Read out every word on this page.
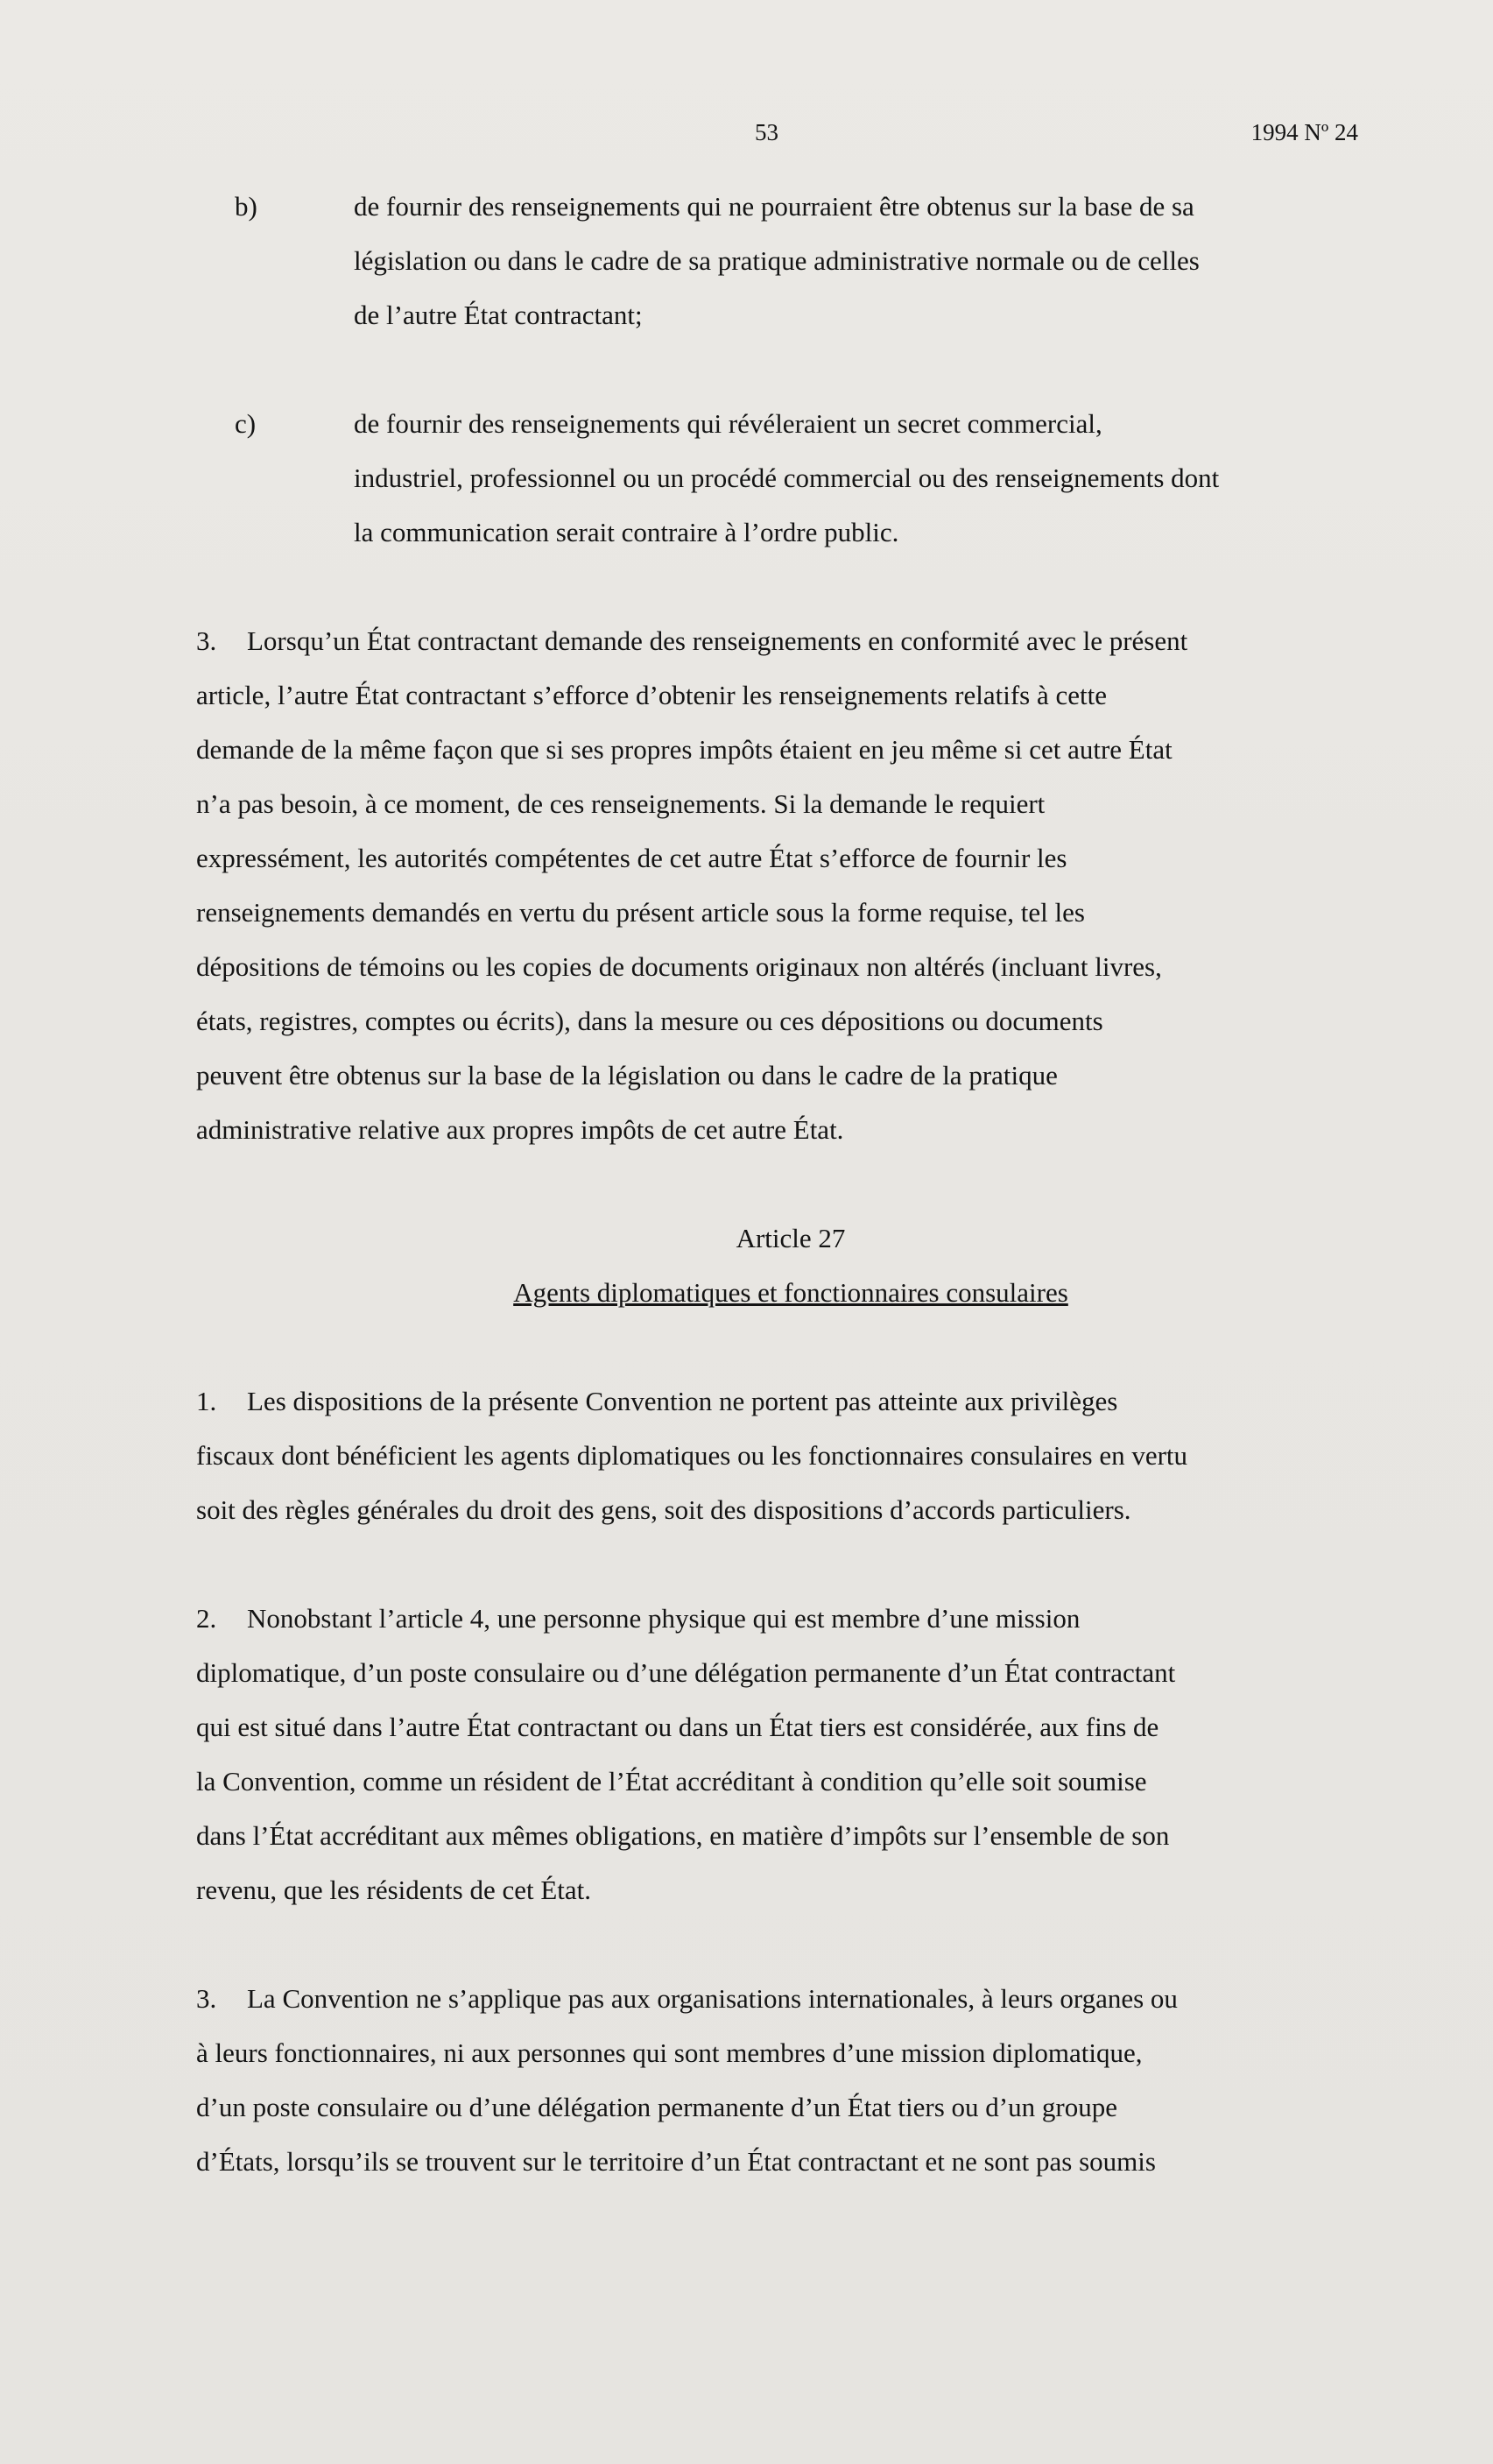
53	1994 Nº 24
b)	de fournir des renseignements qui ne pourraient être obtenus sur la base de sa
législation ou dans le cadre de sa pratique administrative normale ou de celles
de l’autre État contractant;
c)	de fournir des renseignements qui révéleraient un secret commercial,
industriel, professionnel ou un procédé commercial ou des renseignements dont
la communication serait contraire à l’ordre public.
3. Lorsqu’un État contractant demande des renseignements en conformité avec le présent
article, l’autre État contractant s’efforce d’obtenir les renseignements relatifs à cette
demande de la même façon que si ses propres impôts étaient en jeu même si cet autre État
n’a pas besoin, à ce moment, de ces renseignements. Si la demande le requiert
expressément, les autorités compétentes de cet autre État s’efforce de fournir les
renseignements demandés en vertu du présent article sous la forme requise, tel les
dépositions de témoins ou les copies de documents originaux non altérés (incluant livres,
états, registres, comptes ou écrits), dans la mesure ou ces dépositions ou documents
peuvent être obtenus sur la base de la législation ou dans le cadre de la pratique
administrative relative aux propres impôts de cet autre État.
Article 27
Agents diplomatiques et fonctionnaires consulaires
1. Les dispositions de la présente Convention ne portent pas atteinte aux privilèges
fiscaux dont bénéficient les agents diplomatiques ou les fonctionnaires consulaires en vertu
soit des règles générales du droit des gens, soit des dispositions d’accords particuliers.
2. Nonobstant l’article 4, une personne physique qui est membre d’une mission
diplomatique, d’un poste consulaire ou d’une délégation permanente d’un État contractant
qui est situé dans l’autre État contractant ou dans un État tiers est considérée, aux fins de
la Convention, comme un résident de l’État accréditant à condition qu’elle soit soumise
dans l’État accréditant aux mêmes obligations, en matière d’impôts sur l’ensemble de son
revenu, que les résidents de cet État.
3. La Convention ne s’applique pas aux organisations internationales, à leurs organes ou
à leurs fonctionnaires, ni aux personnes qui sont membres d’une mission diplomatique,
d’un poste consulaire ou d’une délégation permanente d’un État tiers ou d’un groupe
d’États, lorsqu’ils se trouvent sur le territoire d’un État contractant et ne sont pas soumis
